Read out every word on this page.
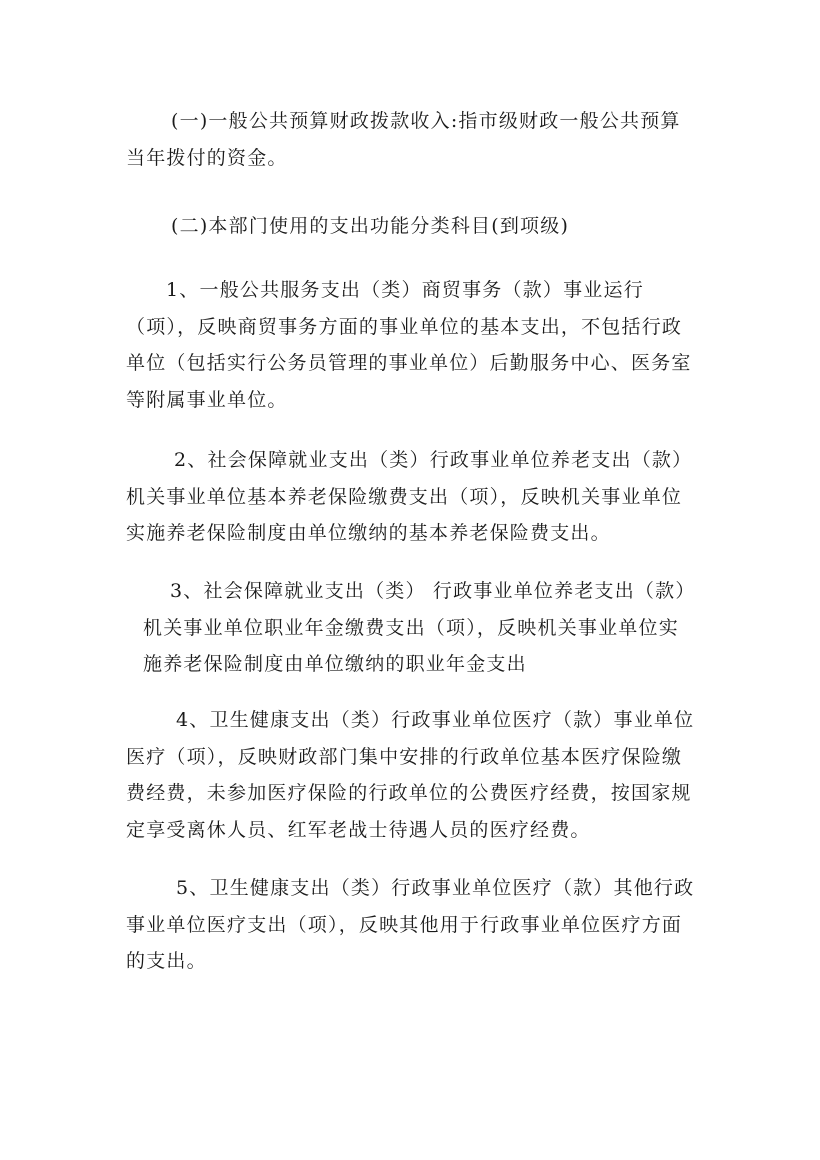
(一)一般公共预算财政拨款收入:指市级财政一般公共预算当年拨付的资金。

(二)本部门使用的支出功能分类科目(到项级)

1、一般公共服务支出（类）商贸事务（款）事业运行（项），反映商贸事务方面的事业单位的基本支出，不包括行政单位（包括实行公务员管理的事业单位）后勤服务中心、医务室等附属事业单位。

2、社会保障就业支出（类）行政事业单位养老支出（款）机关事业单位基本养老保险缴费支出（项），反映机关事业单位实施养老保险制度由单位缴纳的基本养老保险费支出。

3、社会保障就业支出（类） 行政事业单位养老支出（款）机关事业单位职业年金缴费支出（项），反映机关事业单位实施养老保险制度由单位缴纳的职业年金支出

4、卫生健康支出（类）行政事业单位医疗（款）事业单位医疗（项），反映财政部门集中安排的行政单位基本医疗保险缴费经费，未参加医疗保险的行政单位的公费医疗经费，按国家规定享受离休人员、红军老战士待遇人员的医疗经费。

5、卫生健康支出（类）行政事业单位医疗（款）其他行政事业单位医疗支出（项），反映其他用于行政事业单位医疗方面的支出。
